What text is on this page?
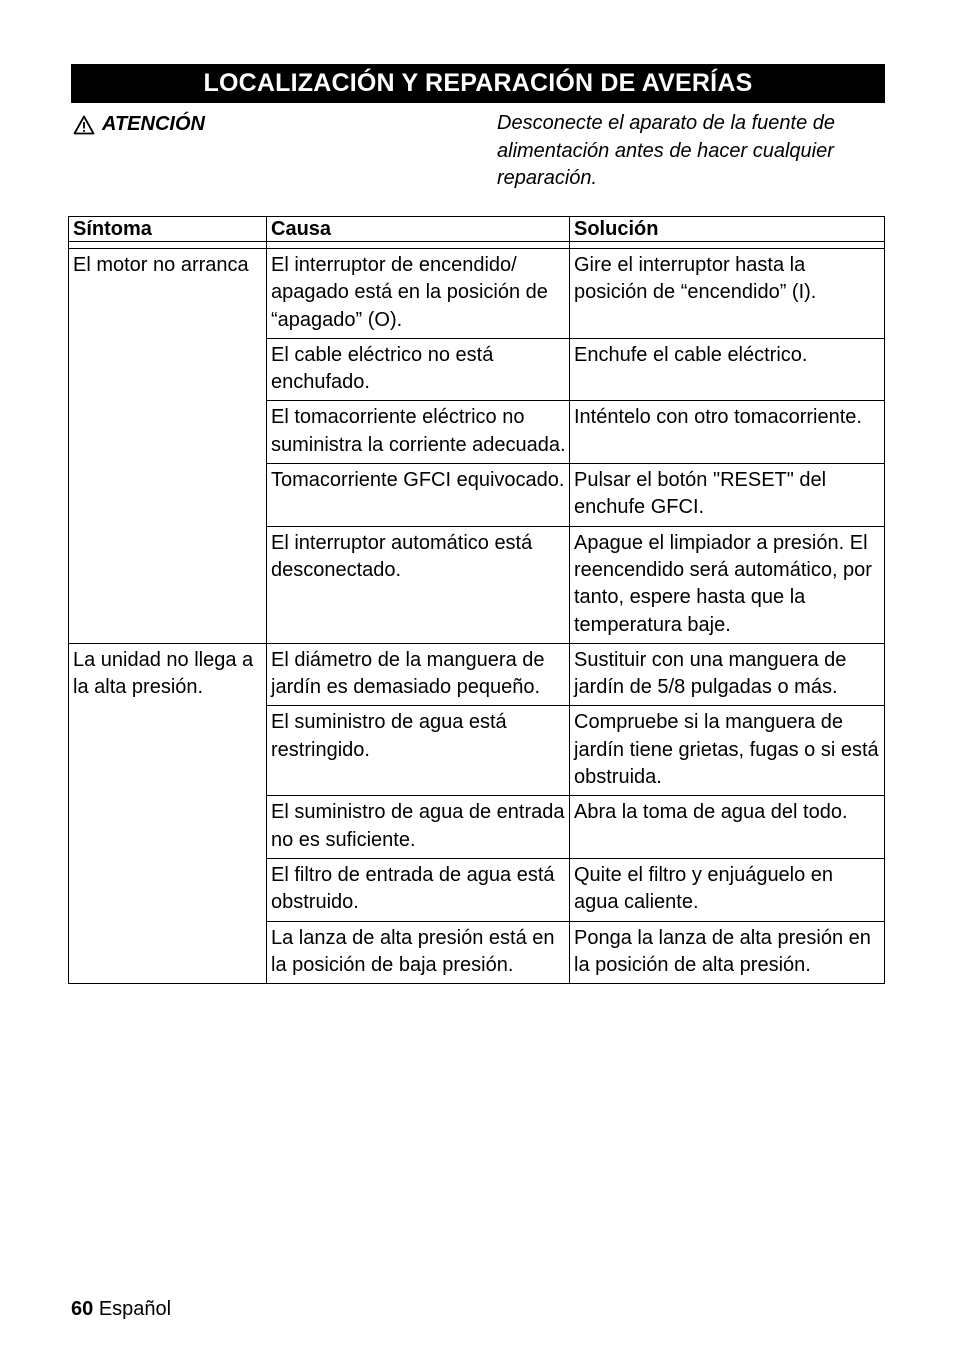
LOCALIZACIÓN Y REPARACIÓN DE AVERÍAS
ATENCIÓN	Desconecte el aparato de la fuente de alimentación antes de hacer cualquier reparación.
Síntoma	Causa	Solución

El motor no arranca	El interruptor de encendido/ apagado está en la posición de “apagado” (O).	Gire el interruptor hasta la posición de “encendido” (I).
	El cable eléctrico no está enchufado.	Enchufe el cable eléctrico.
	El tomacorriente eléctrico no suministra la corriente adecuada.	Inténtelo con otro tomacorriente.
	Tomacorriente GFCI equivocado.	Pulsar el botón "RESET" del enchufe GFCI.
	El interruptor automático está desconectado.	Apague el limpiador a presión. El reencendido será automático, por tanto, espere hasta que la temperatura baje.
La unidad no llega a la alta presión.	El diámetro de la manguera de jardín es demasiado pequeño.	Sustituir con una manguera de jardín de 5/8 pulgadas o más.
	El suministro de agua está restringido.	Compruebe si la manguera de jardín tiene grietas, fugas o si está obstruida.
	El suministro de agua de entrada no es suficiente.	Abra la toma de agua del todo.
	El filtro de entrada de agua está obstruido.	Quite el filtro y enjuáguelo en agua caliente.
	La lanza de alta presión está en la posición de baja presión.	Ponga la lanza de alta presión en la posición de alta presión.
60 Español
